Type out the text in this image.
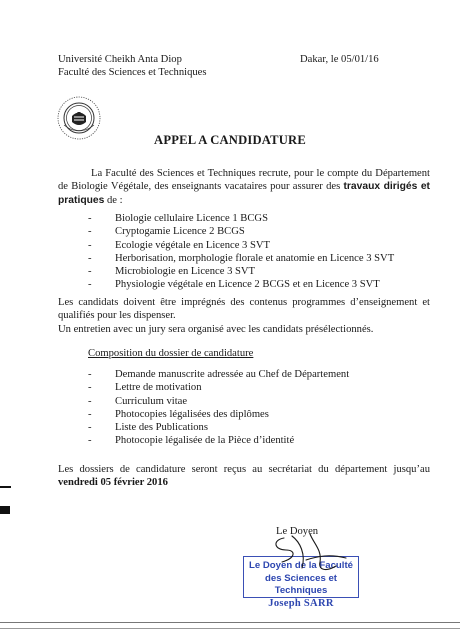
Université Cheikh Anta Diop
Faculté des Sciences et Techniques
Dakar, le 05/01/16
APPEL A CANDIDATURE

La Faculté des Sciences et Techniques recrute, pour le compte du Département de Biologie Végétale, des enseignants vacataires pour assurer des travaux dirigés et pratiques de :

-	Biologie cellulaire Licence 1 BCGS
-	Cryptogamie Licence 2 BCGS
-	Ecologie végétale en Licence 3 SVT
-	Herborisation, morphologie florale et anatomie en Licence 3 SVT
-	Microbiologie en Licence 3 SVT
-	Physiologie végétale en Licence 2 BCGS et en Licence 3 SVT

Les candidats doivent être imprégnés des contenus programmes d’enseignement et qualifiés pour les dispenser.

Un entretien avec un jury sera organisé avec les candidats présélectionnés.

Composition du dossier de candidature
-	Demande manuscrite adressée au Chef de Département
-	Lettre de motivation
-	Curriculum vitae
-	Photocopies légalisées des diplômes
-	Liste des Publications
-	Photocopie légalisée de la Pièce d’identité

Les dossiers de candidature seront reçus au secrétariat du département jusqu’au vendredi 05 février 2016

Le Doyen
Le Doyen de la Faculté
des Sciences et Techniques
Joseph SARR
